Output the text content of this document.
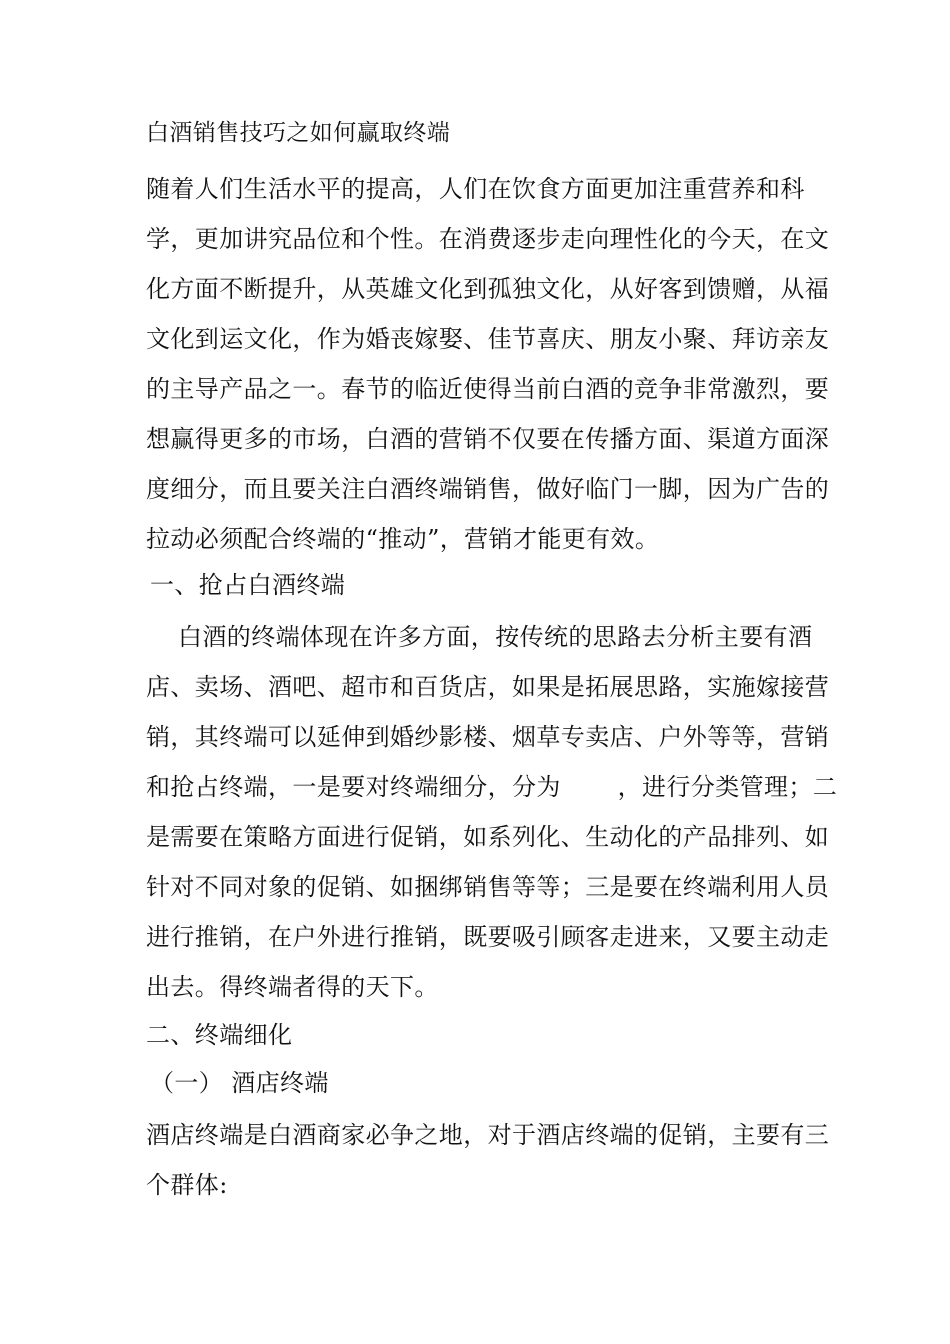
白酒销售技巧之如何赢取终端
随着人们生活水平的提高，人们在饮食方面更加注重营养和科
学，更加讲究品位和个性。在消费逐步走向理性化的今天，在文
化方面不断提升，从英雄文化到孤独文化，从好客到馈赠，从福
文化到运文化，作为婚丧嫁娶、佳节喜庆、朋友小聚、拜访亲友
的主导产品之一。春节的临近使得当前白酒的竞争非常激烈，要
想赢得更多的市场，白酒的营销不仅要在传播方面、渠道方面深
度细分，而且要关注白酒终端销售，做好临门一脚，因为广告的
拉动必须配合终端的“推动”，营销才能更有效。
一、抢占白酒终端
白酒的终端体现在许多方面，按传统的思路去分析主要有酒
店、卖场、酒吧、超市和百货店，如果是拓展思路，实施嫁接营
销，其终端可以延伸到婚纱影楼、烟草专卖店、户外等等，营销
和抢占终端，一是要对终端细分，分为 　　，进行分类管理；二
是需要在策略方面进行促销，如系列化、生动化的产品排列、如
针对不同对象的促销、如捆绑销售等等；三是要在终端利用人员
进行推销，在户外进行推销，既要吸引顾客走进来，又要主动走
出去。得终端者得的天下。
二、终端细化
（一） 酒店终端
酒店终端是白酒商家必争之地，对于酒店终端的促销，主要有三
个群体:
